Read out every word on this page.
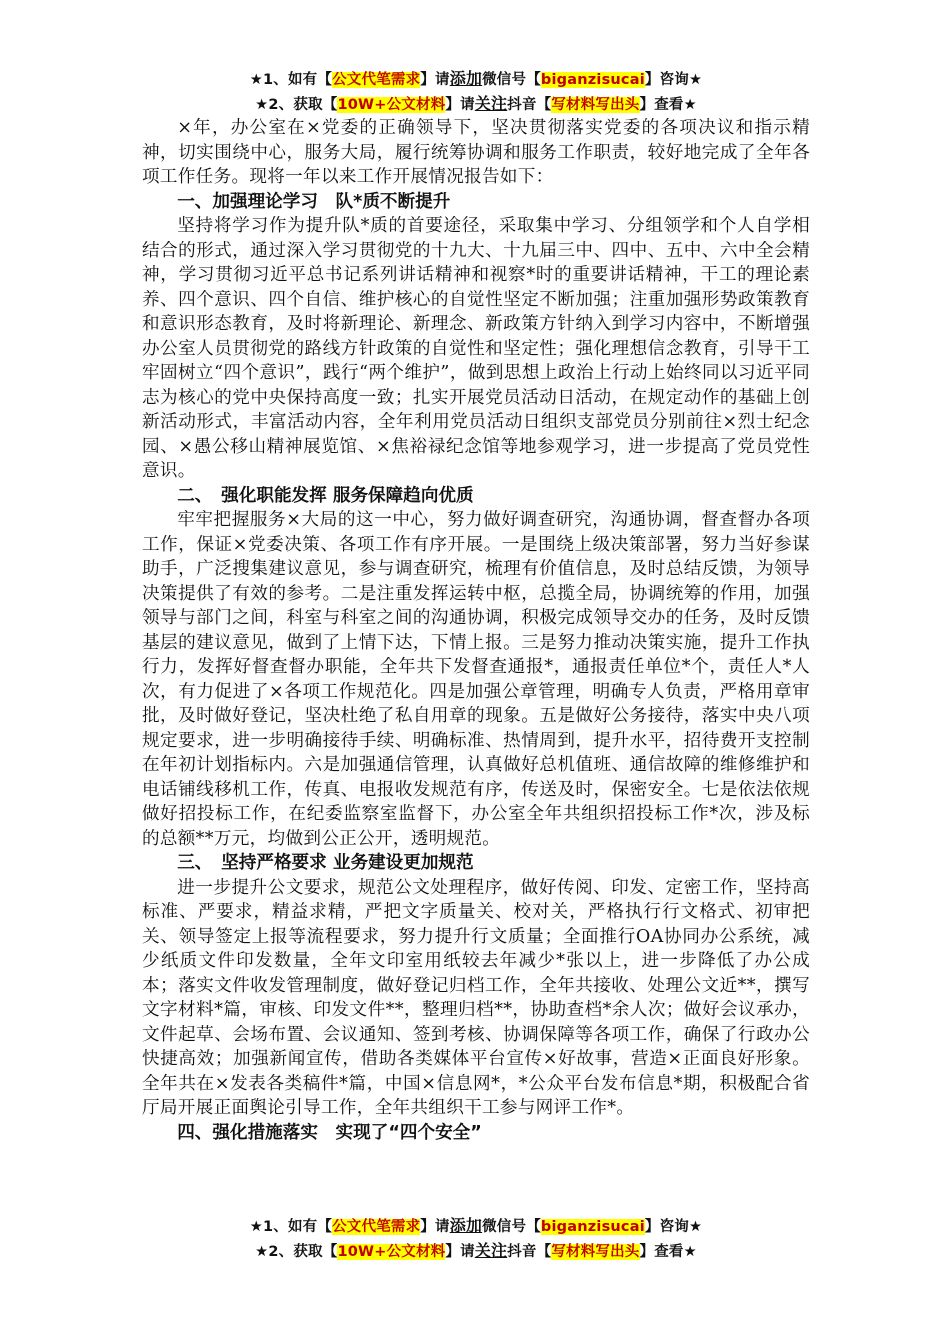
★1、如有【公文代笔需求】请添加微信号【biganzisucai】咨询★
★2、获取【10W+公文材料】请关注抖音【写材料写出头】查看★

×年，办公室在×党委的正确领导下，坚决贯彻落实党委的各项决议和指示精神，切实围绕中心，服务大局，履行统筹协调和服务工作职责，较好地完成了全年各项工作任务。现将一年以来工作开展情况报告如下：

一、加强理论学习　队*质不断提升

坚持将学习作为提升队*质的首要途径，采取集中学习、分组领学和个人自学相结合的形式，通过深入学习贯彻党的十九大、十九届三中、四中、五中、六中全会精神，学习贯彻习近平总书记系列讲话精神和视察*时的重要讲话精神，干工的理论素养、四个意识、四个自信、维护核心的自觉性坚定不断加强；注重加强形势政策教育和意识形态教育，及时将新理论、新理念、新政策方针纳入到学习内容中，不断增强办公室人员贯彻党的路线方针政策的自觉性和坚定性；强化理想信念教育，引导干工牢固树立“四个意识”，践行“两个维护”，做到思想上政治上行动上始终同以习近平同志为核心的党中央保持高度一致；扎实开展党员活动日活动，在规定动作的基础上创新活动形式，丰富活动内容，全年利用党员活动日组织支部党员分别前往×烈士纪念园、×愚公移山精神展览馆、×焦裕禄纪念馆等地参观学习，进一步提高了党员党性意识。

二、　强化职能发挥 服务保障趋向优质

牢牢把握服务×大局的这一中心，努力做好调查研究，沟通协调，督查督办各项工作，保证×党委决策、各项工作有序开展。一是围绕上级决策部署，努力当好参谋助手，广泛搜集建议意见，参与调查研究，梳理有价值信息，及时总结反馈，为领导决策提供了有效的参考。二是注重发挥运转中枢，总揽全局，协调统筹的作用，加强领导与部门之间，科室与科室之间的沟通协调，积极完成领导交办的任务，及时反馈基层的建议意见，做到了上情下达，下情上报。三是努力推动决策实施，提升工作执行力，发挥好督查督办职能，全年共下发督查通报*，通报责任单位*个，责任人*人次，有力促进了×各项工作规范化。四是加强公章管理，明确专人负责，严格用章审批，及时做好登记，坚决杜绝了私自用章的现象。五是做好公务接待，落实中央八项规定要求，进一步明确接待手续、明确标准、热情周到，提升水平，招待费开支控制在年初计划指标内。六是加强通信管理，认真做好总机值班、通信故障的维修维护和电话铺线移机工作，传真、电报收发规范有序，传送及时，保密安全。七是依法依规做好招投标工作，在纪委监察室监督下，办公室全年共组织招投标工作*次，涉及标的总额**万元，均做到公正公开，透明规范。

三、　坚持严格要求 业务建设更加规范

进一步提升公文要求，规范公文处理程序，做好传阅、印发、定密工作，坚持高标准、严要求，精益求精，严把文字质量关、校对关，严格执行行文格式、初审把关、领导签定上报等流程要求，努力提升行文质量；全面推行OA协同办公系统，减少纸质文件印发数量，全年文印室用纸较去年减少*张以上，进一步降低了办公成本；落实文件收发管理制度，做好登记归档工作，全年共接收、处理公文近**，撰写文字材料*篇，审核、印发文件**，整理归档**，协助查档*余人次；做好会议承办，文件起草、会场布置、会议通知、签到考核、协调保障等各项工作，确保了行政办公快捷高效；加强新闻宣传，借助各类媒体平台宣传×好故事，营造×正面良好形象。全年共在×发表各类稿件*篇，中国×信息网*，*公众平台发布信息*期，积极配合省厅局开展正面舆论引导工作，全年共组织干工参与网评工作*。

四、强化措施落实　实现了“四个安全”

★1、如有【公文代笔需求】请添加微信号【biganzisucai】咨询★
★2、获取【10W+公文材料】请关注抖音【写材料写出头】查看★
